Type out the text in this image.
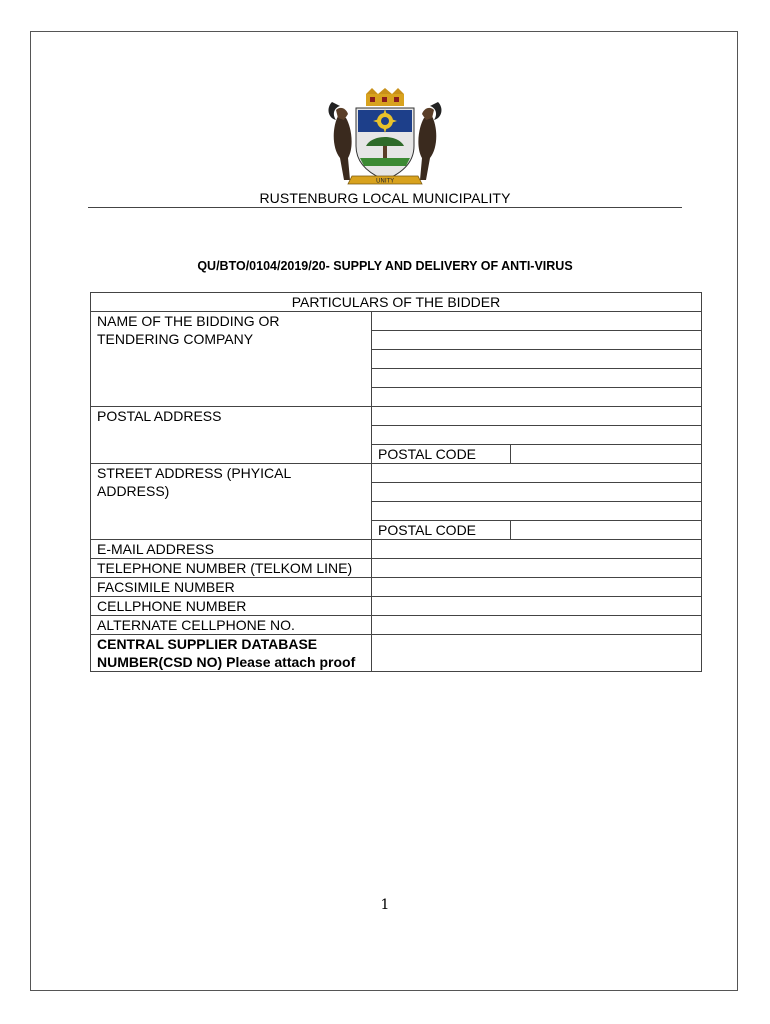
UNITY
RUSTENBURG LOCAL MUNICIPALITY
QU/BTO/0104/2019/20- SUPPLY AND DELIVERY OF ANTI-VIRUS
PARTICULARS OF THE BIDDER		
NAME OF THE BIDDING OR TENDERING COMPANY		

POSTAL ADDRESS		

	POSTAL CODE	
STREET ADDRESS (PHYICAL ADDRESS)		

	POSTAL CODE	
E-MAIL ADDRESS		
TELEPHONE NUMBER (TELKOM LINE)		
FACSIMILE NUMBER		
CELLPHONE NUMBER		
ALTERNATE CELLPHONE NO.		
CENTRAL SUPPLIER DATABASE NUMBER(CSD NO) Please attach proof		
1
